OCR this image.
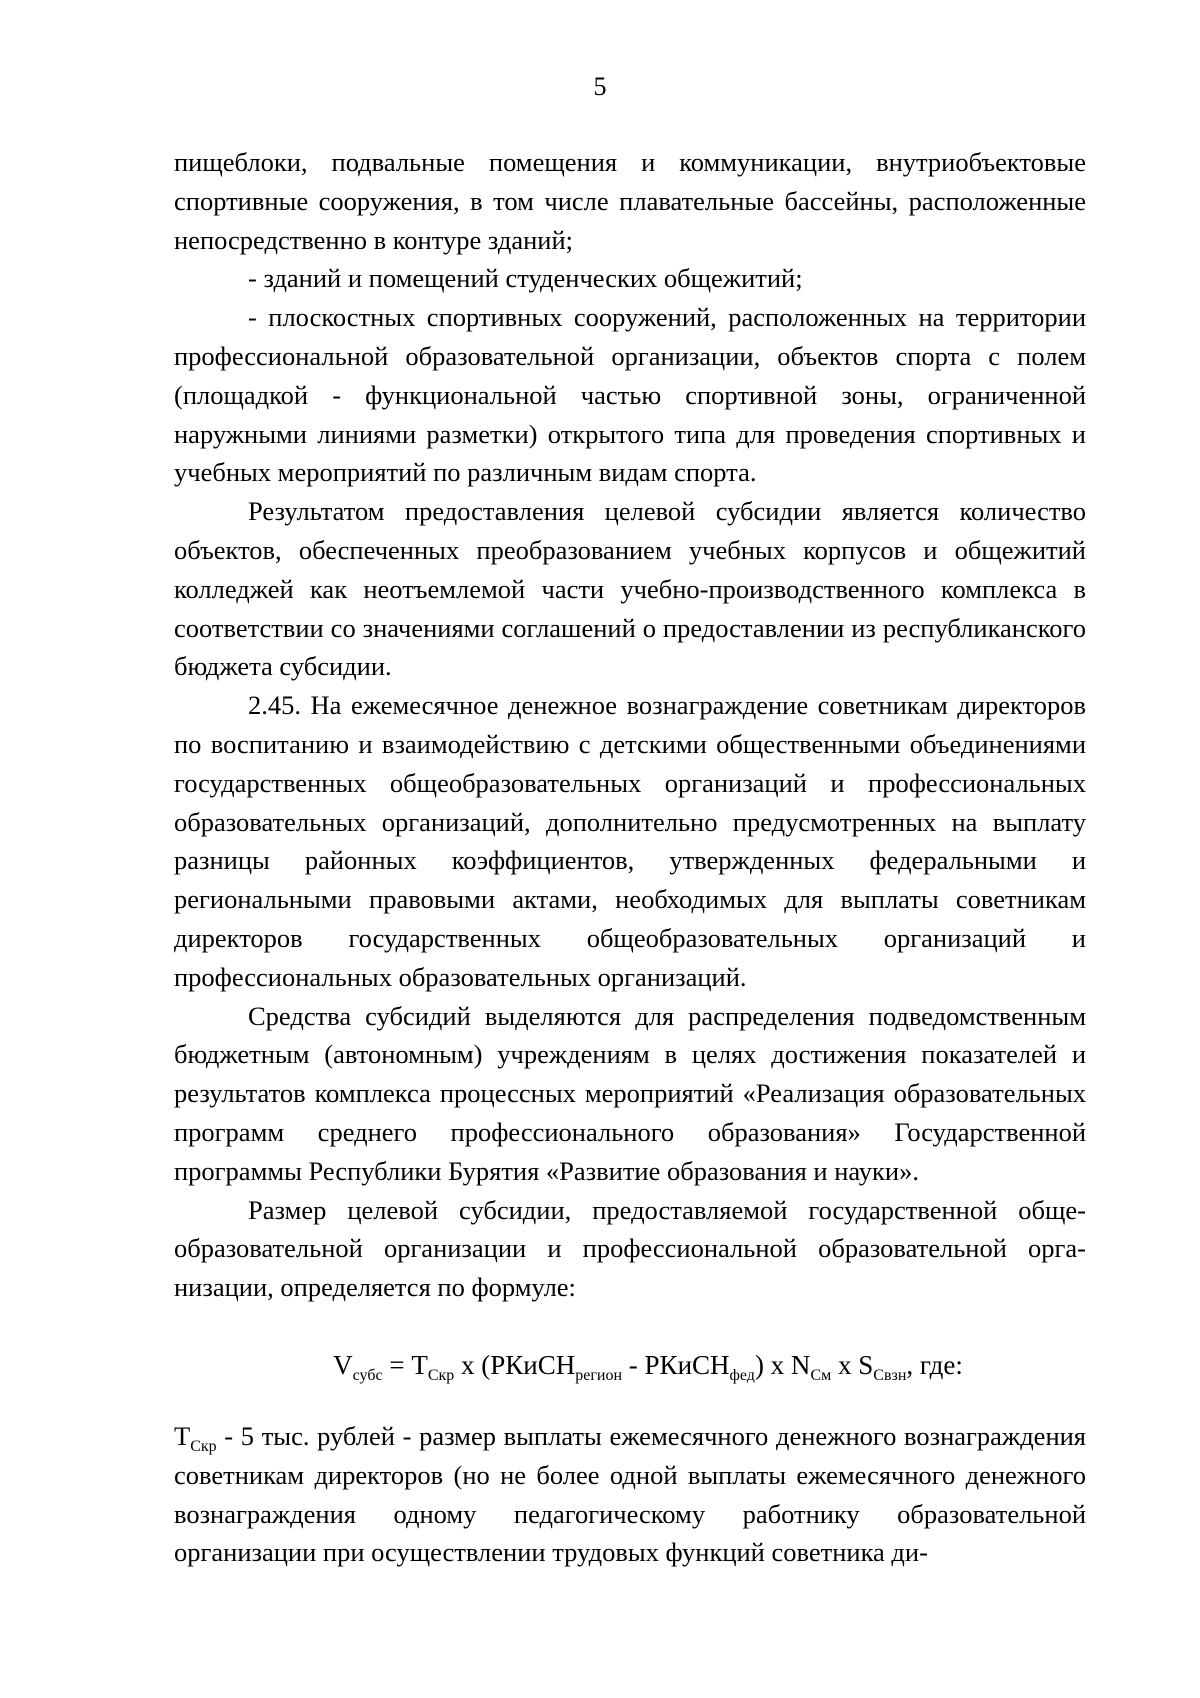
5

пищеблоки, подвальные помещения и коммуникации, внутриобъектовые спортивные сооружения, в том числе плавательные бассейны, расположенные непосредственно в контуре зданий;

- зданий и помещений студенческих общежитий;

- плоскостных спортивных сооружений, расположенных на территории профессиональной образовательной организации, объектов спорта с полем (площадкой - функциональной частью спортивной зоны, ограниченной наружными линиями разметки) открытого типа для проведения спортивных и учебных мероприятий по различным видам спорта.

Результатом предоставления целевой субсидии является количество объектов, обеспеченных преобразованием учебных корпусов и общежитий колледжей как неотъемлемой части учебно-производственного комплекса в соответствии со значениями соглашений о предоставлении из республиканского бюджета субсидии.

2.45. На ежемесячное денежное вознаграждение советникам директоров по воспитанию и взаимодействию с детскими общественными объединениями государственных общеобразовательных организаций и профессиональных образовательных организаций, дополнительно предусмотренных на выплату разницы районных коэффициентов, утвержденных федеральными и региональными правовыми актами, необходимых для выплаты советникам директоров государственных общеобразовательных организаций и профессиональных образовательных организаций.

Средства субсидий выделяются для распределения подведомственным бюджетным (автономным) учреждениям в целях достижения показателей и результатов комплекса процессных мероприятий «Реализация образовательных программ среднего профессионального образования» Государственной программы Республики Бурятия «Развитие образования и науки».

Размер целевой субсидии, предоставляемой государственной общеобразовательной организации и профессиональной образовательной организации, определяется по формуле:

$V_{субс} = T_{Скр}$ x (РКиСН$_{регион}$ - РКиСН$_{фед}$) x $N_{См}$ x $S_{Свзн}$, где:

$T_{Скр} - 5$ тыс. рублей - размер выплаты ежемесячного денежного вознаграждения советникам директоров (но не более одной выплаты ежемесячного денежного вознаграждения одному педагогическому работнику образовательной организации при осуществлении трудовых функций советника ди-
